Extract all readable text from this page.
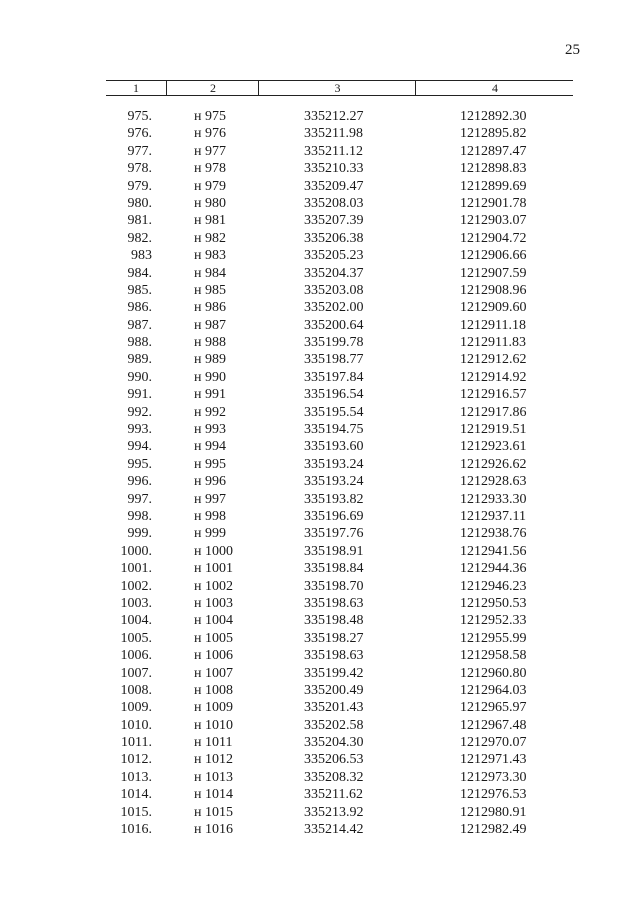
25
1	2	3	4
975.	н 975	335212.27	1212892.30
976.	н 976	335211.98	1212895.82
977.	н 977	335211.12	1212897.47
978.	н 978	335210.33	1212898.83
979.	н 979	335209.47	1212899.69
980.	н 980	335208.03	1212901.78
981.	н 981	335207.39	1212903.07
982.	н 982	335206.38	1212904.72
983	н 983	335205.23	1212906.66
984.	н 984	335204.37	1212907.59
985.	н 985	335203.08	1212908.96
986.	н 986	335202.00	1212909.60
987.	н 987	335200.64	1212911.18
988.	н 988	335199.78	1212911.83
989.	н 989	335198.77	1212912.62
990.	н 990	335197.84	1212914.92
991.	н 991	335196.54	1212916.57
992.	н 992	335195.54	1212917.86
993.	н 993	335194.75	1212919.51
994.	н 994	335193.60	1212923.61
995.	н 995	335193.24	1212926.62
996.	н 996	335193.24	1212928.63
997.	н 997	335193.82	1212933.30
998.	н 998	335196.69	1212937.11
999.	н 999	335197.76	1212938.76
1000.	н 1000	335198.91	1212941.56
1001.	н 1001	335198.84	1212944.36
1002.	н 1002	335198.70	1212946.23
1003.	н 1003	335198.63	1212950.53
1004.	н 1004	335198.48	1212952.33
1005.	н 1005	335198.27	1212955.99
1006.	н 1006	335198.63	1212958.58
1007.	н 1007	335199.42	1212960.80
1008.	н 1008	335200.49	1212964.03
1009.	н 1009	335201.43	1212965.97
1010.	н 1010	335202.58	1212967.48
1011.	н 1011	335204.30	1212970.07
1012.	н 1012	335206.53	1212971.43
1013.	н 1013	335208.32	1212973.30
1014.	н 1014	335211.62	1212976.53
1015.	н 1015	335213.92	1212980.91
1016.	н 1016	335214.42	1212982.49
